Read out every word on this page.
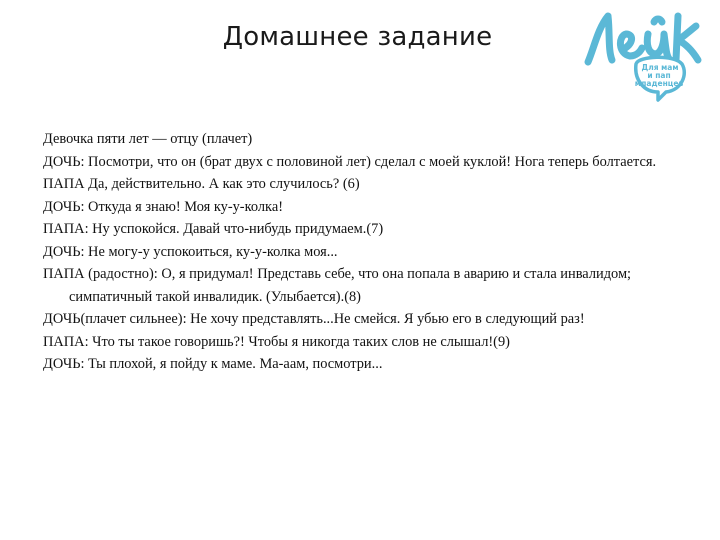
Домашнее задание
Для мам
и пап
младенцев
Девочка пяти лет — отцу (плачет)
ДОЧЬ: Посмотри, что он (брат двух с половиной лет) сделал с моей куклой! Нога теперь болтается.
ПАПА Да, действительно. А как это случилось? (6)
ДОЧЬ: Откуда я знаю! Моя ку-у-колка!
ПАПА: Ну успокойся. Давай что-нибудь придумаем.(7)
ДОЧЬ: Не могу-у успокоиться, ку-у-колка моя...
ПАПА (радостно): О, я придумал! Представь себе, что она попала в аварию и стала инвалидом; симпатичный такой инвалидик. (Улыбается).(8)
ДОЧЬ(плачет сильнее): Не хочу представлять...Не смейся. Я убью его в следующий раз!
ПАПА: Что ты такое говоришь?! Чтобы я никогда таких слов не слышал!(9)
ДОЧЬ: Ты плохой, я пойду к маме. Ма-аам, посмотри...
